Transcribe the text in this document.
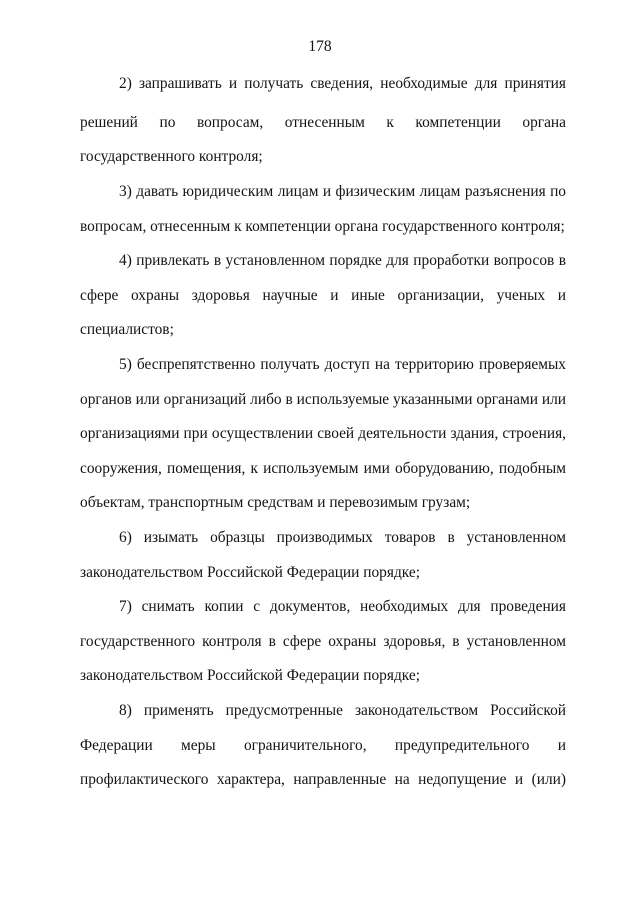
178

2) запрашивать и получать сведения, необходимые для принятия

решений по вопросам, отнесенным к компетенции органа

государственного контроля;

3) давать юридическим лицам и физическим лицам разъяснения по

вопросам, отнесенным к компетенции органа государственного контроля;

4) привлекать в установленном порядке для проработки вопросов в

сфере охраны здоровья научные и иные организации, ученых и

специалистов;

5) беспрепятственно получать доступ на территорию проверяемых

органов или организаций либо в используемые указанными органами или

организациями при осуществлении своей деятельности здания, строения,

сооружения, помещения, к используемым ими оборудованию, подобным

объектам, транспортным средствам и перевозимым грузам;

6) изымать образцы производимых товаров в установленном

законодательством Российской Федерации порядке;

7) снимать копии с документов, необходимых для проведения

государственного контроля в сфере охраны здоровья, в установленном

законодательством Российской Федерации порядке;

8) применять предусмотренные законодательством Российской

Федерации меры ограничительного, предупредительного и

профилактического характера, направленные на недопущение и (или)
